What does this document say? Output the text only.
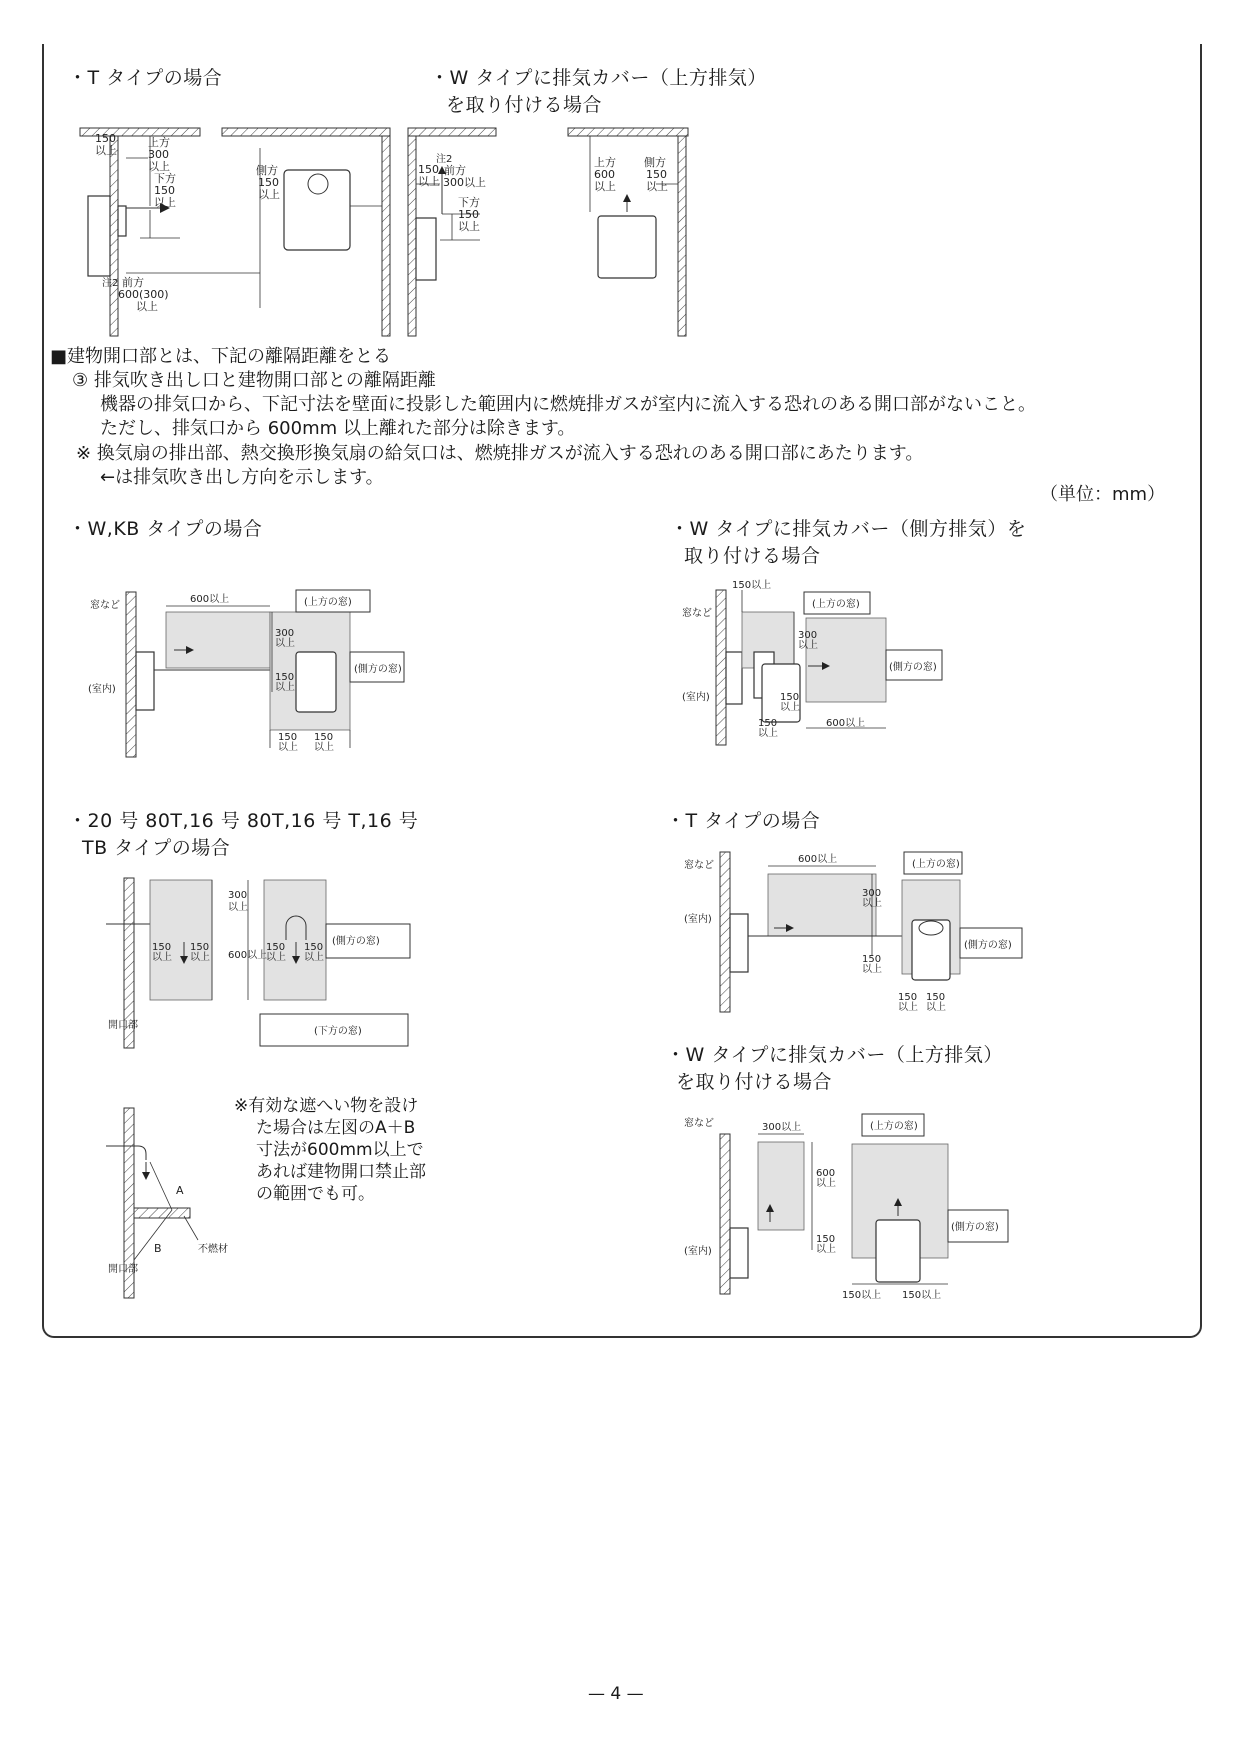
・T タイプの場合	・W タイプに排気カバー（上方排気）
を取り付ける場合
150
以上
上方
300
以上
下方
150
以上
注2 前方
600(300)
以上
側方
150
以上
150
以上
注2
前方
300以上
下方
150
以上
上方
600
以上
側方
150
以上
■建物開口部とは、下記の離隔距離をとる
③ 排気吹き出し口と建物開口部との離隔距離
機器の排気口から、下記寸法を壁面に投影した範囲内に燃焼排ガスが室内に流入する恐れのある開口部がないこと。
ただし、排気口から 600mm 以上離れた部分は除きます。
※ 換気扇の排出部、熱交換形換気扇の給気口は、燃焼排ガスが流入する恐れのある開口部にあたります。
←は排気吹き出し方向を示します。
（単位：mm）
・W,KB タイプの場合	・W タイプに排気カバー（側方排気）を
取り付ける場合
窓など
(室内)
600以上
300
以上
150
以上
(上方の窓)
(側方の窓)
150
以上
150
以上
150以上
窓など
(室内)
300
以上
150
以上
150
以上
(上方の窓)
(側方の窓)
600以上
・20 号 80T,16 号 80T,16 号 T,16 号
TB タイプの場合
150
以上
150
以上
150
以上
150
以上
300
以上
600以上
(側方の窓)
(下方の窓)
開口部
A
B	不燃材
開口部
※有効な遮へい物を設け
た場合は左図のA＋B
寸法が600mm以上で
あれば建物開口禁止部
の範囲でも可。
・T タイプの場合
窓など
(室内)
600以上
300
以上
150
以上
(上方の窓)
(側方の窓)
150
以上
150
以上
・W タイプに排気カバー（上方排気）
を取り付ける場合
窓など
(室内)
300以上
600
以上
150
以上
(上方の窓)
(側方の窓)
150以上 150以上
— 4 —
